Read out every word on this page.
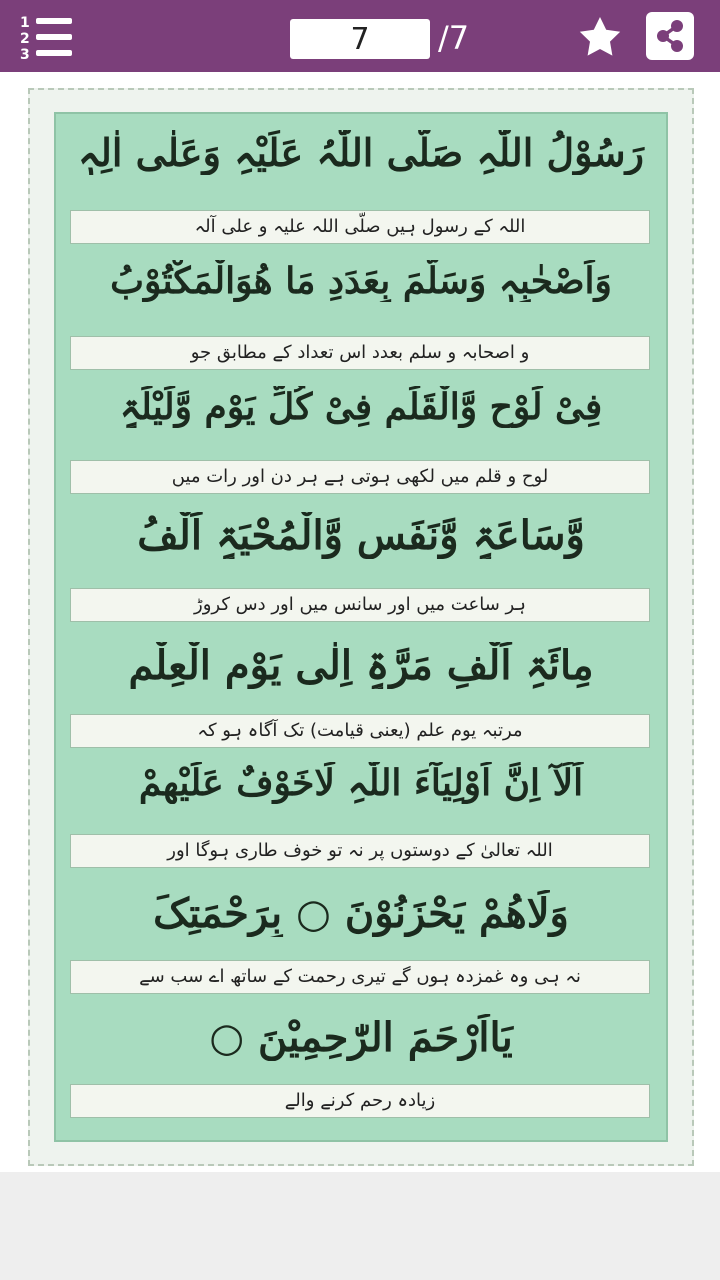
1
2
3
7	/7
رَسُوْلُ اللّٰہِ صَلَّی اللّٰہُ عَلَیْہِ وَعَلٰی اٰلِہٖ
اللہ کے رسول ہیں صلّی اللہ علیہ و علی آلہ
وَاَصْحٰبِہٖ وَسَلَّمَ بِعَدَدِ مَا ھُوَالْمَکْتُوْبُ
و اصحابہ و سلم بعدد اس تعداد کے مطابق جو
فِیْ لَوْحٍ وَّالْقَلَمِ فِیْ کُلِّ یَوْمٍ وَّلَیْلَۃٍ
لوح و قلم میں لکھی ہوتی ہے ہر دن اور رات میں
وَّسَاعَۃٍ وَّنَفَسٍ وَّالْمُحْیَۃٍ اَلْفُ
ہر ساعت میں اور سانس میں اور دس کروڑ
مِائَۃِ اَلْفِ مَرَّۃٍ اِلٰی یَوْمِ الْعِلْمِ
مرتبہ یوم علم (یعنی قیامت) تک آگاہ ہو کہ
اَلَآ اِنَّ اَوْلِیَآءَ اللّٰہِ لَاخَوْفٌ عَلَیْھِمْ
اللہ تعالیٰ کے دوستوں پر نہ تو خوف طاری ہوگا اور
وَلَاھُمْ یَحْزَنُوْنَ ○ بِرَحْمَتِکَ
نہ ہی وہ غمزدہ ہوں گے تیری رحمت کے ساتھ اے سب سے
یَااَرْحَمَ الرّٰحِمِیْنَ ○
زیادہ رحم کرنے والے
